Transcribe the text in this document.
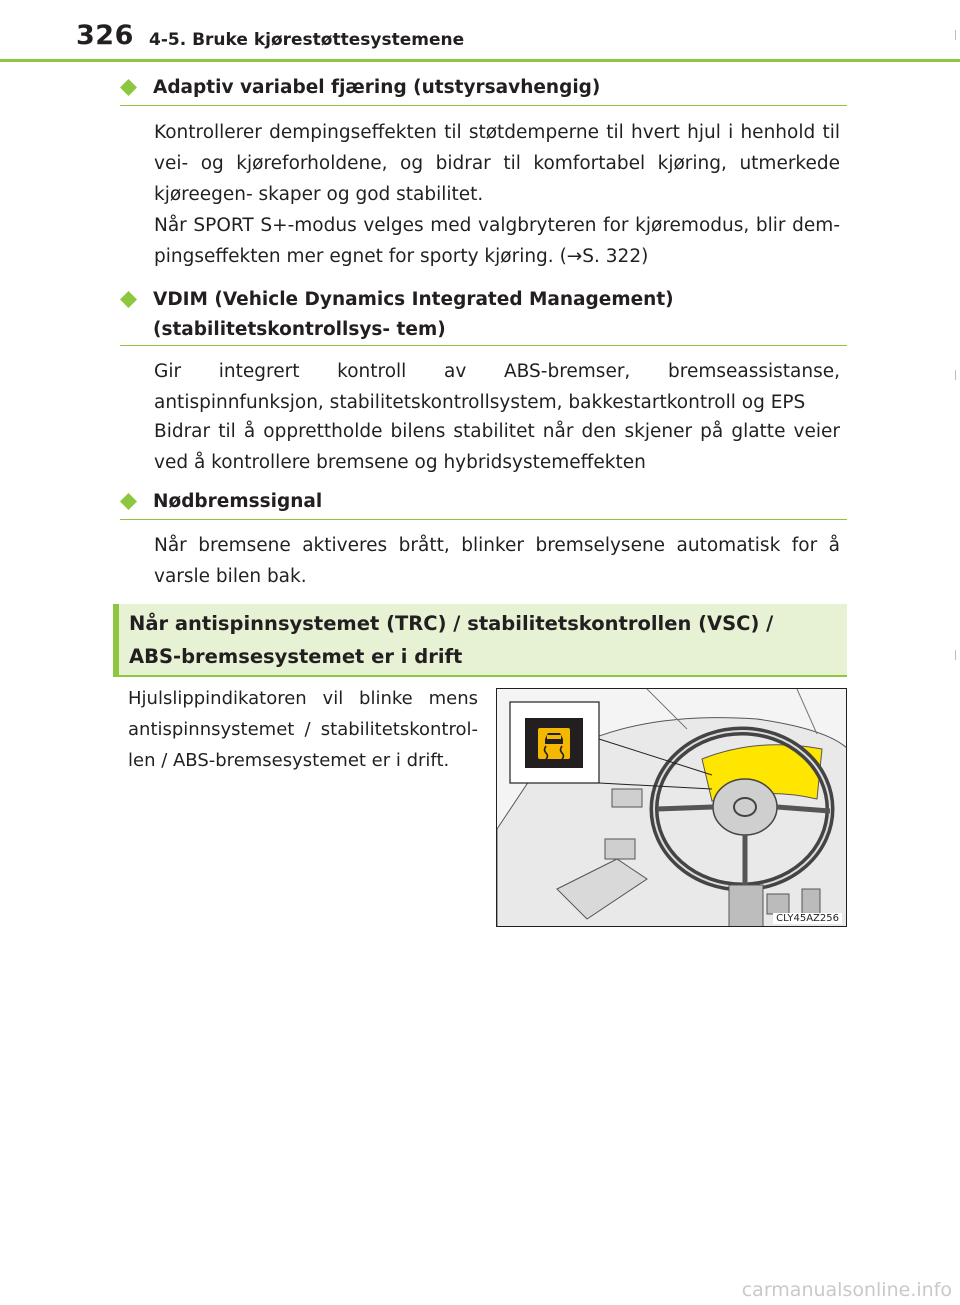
326 4-5. Bruke kjørestøttesystemene
Adaptiv variabel fjæring (utstyrsavhengig)

Kontrollerer dempingseffekten til støtdemperne til hvert hjul i henhold til vei- og kjøreforholdene, og bidrar til komfortabel kjøring, utmerkede kjøreegen- skaper og god stabilitet.

Når SPORT S+-modus velges med valgbryteren for kjøremodus, blir dem- pingseffekten mer egnet for sporty kjøring. (→S. 322)

VDIM (Vehicle Dynamics Integrated Management) (stabilitetskontrollsys- tem)

Gir integrert kontroll av ABS-bremser, bremseassistanse, antispinnfunksjon, stabilitetskontrollsystem, bakkestartkontroll og EPS

Bidrar til å opprettholde bilens stabilitet når den skjener på glatte veier ved å kontrollere bremsene og hybridsystemeffekten

Nødbremssignal

Når bremsene aktiveres brått, blinker bremselysene automatisk for å varsle bilen bak.

Når antispinnsystemet (TRC) / stabilitetskontrollen (VSC) / ABS-bremsesystemet er i drift

Hjulslippindikatoren vil blinke mens antispinnsystemet / stabilitetskontrol- len / ABS-bremsesystemet er i drift.

CLY45AZ256
carmanualsonline.info
